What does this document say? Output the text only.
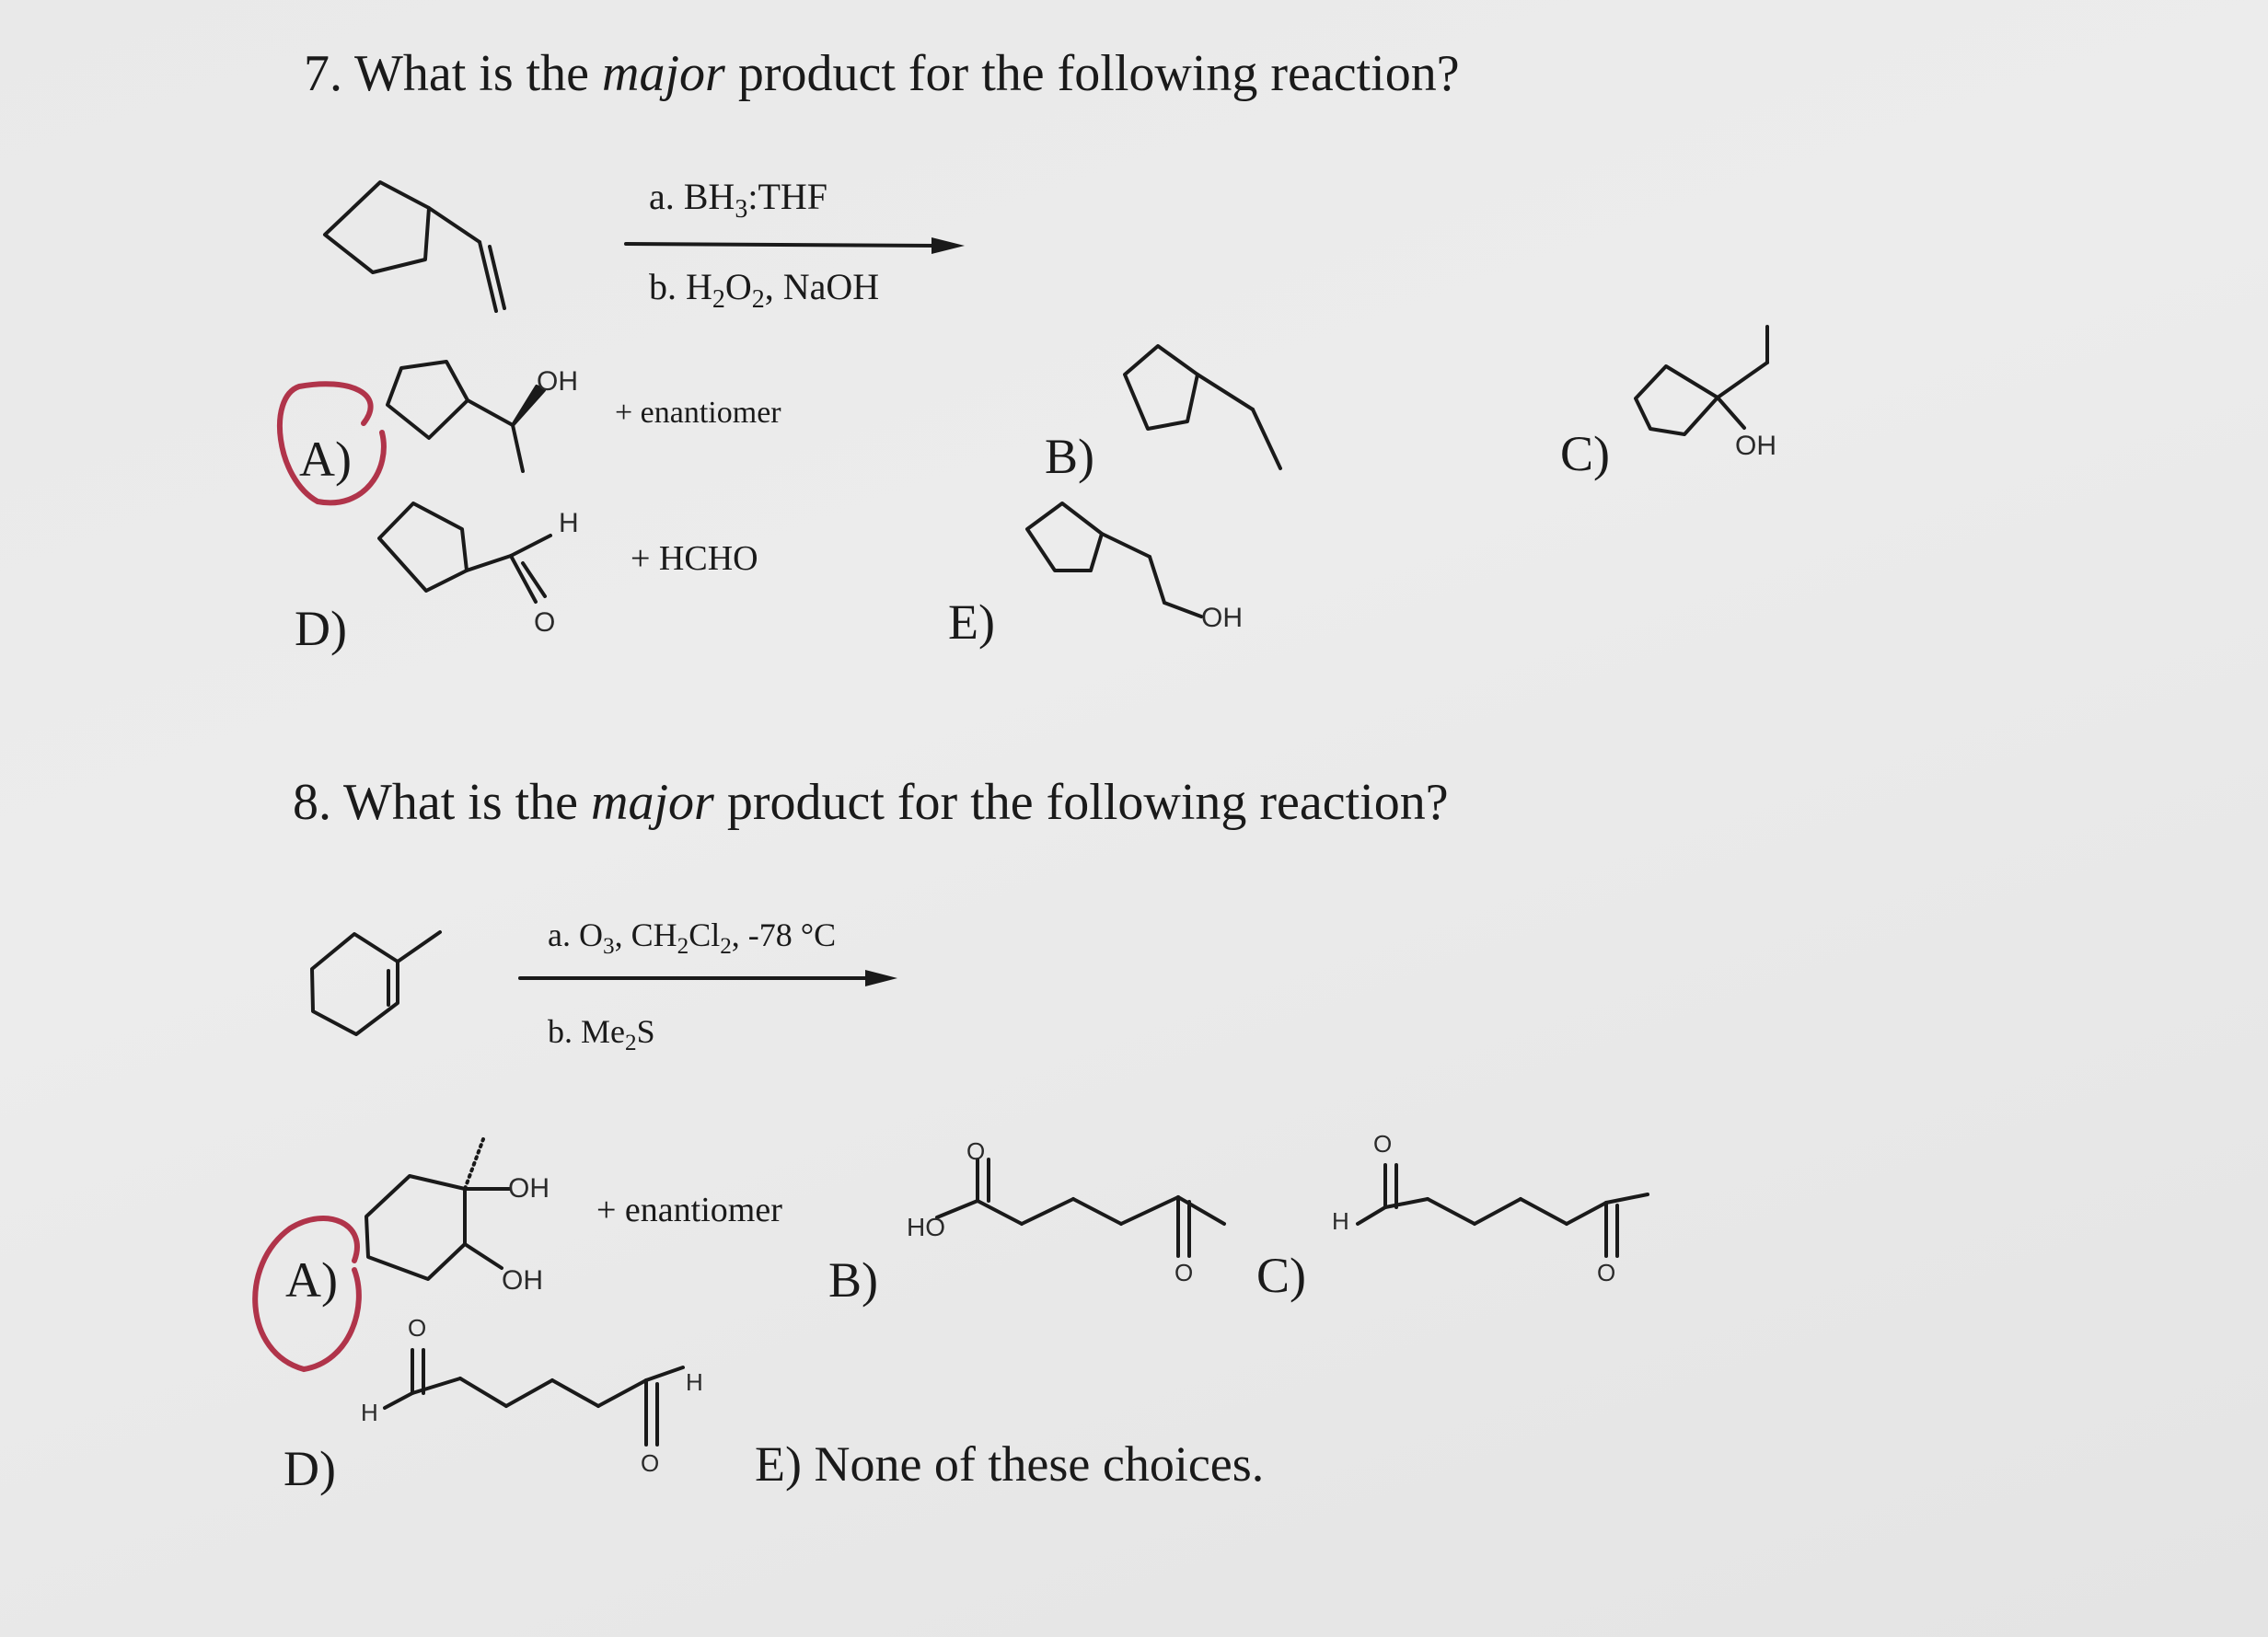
7. What is the major product for the following reaction?
a. $BH_3:THF$
b. $H_2O_2$, NaOH
A)
OH
+ enantiomer
B)	C)	OH
D)
H
O
+ HCHO
E)	OH
8. What is the major product for the following reaction?
a. $O_3$, $CH_2Cl_2$, -78 °C
b. $Me_2S$
A)
OH
OH
+ enantiomer
B)
HO
O
O C)
H
O
O
D)
H
H
O
O E) None of these choices.
